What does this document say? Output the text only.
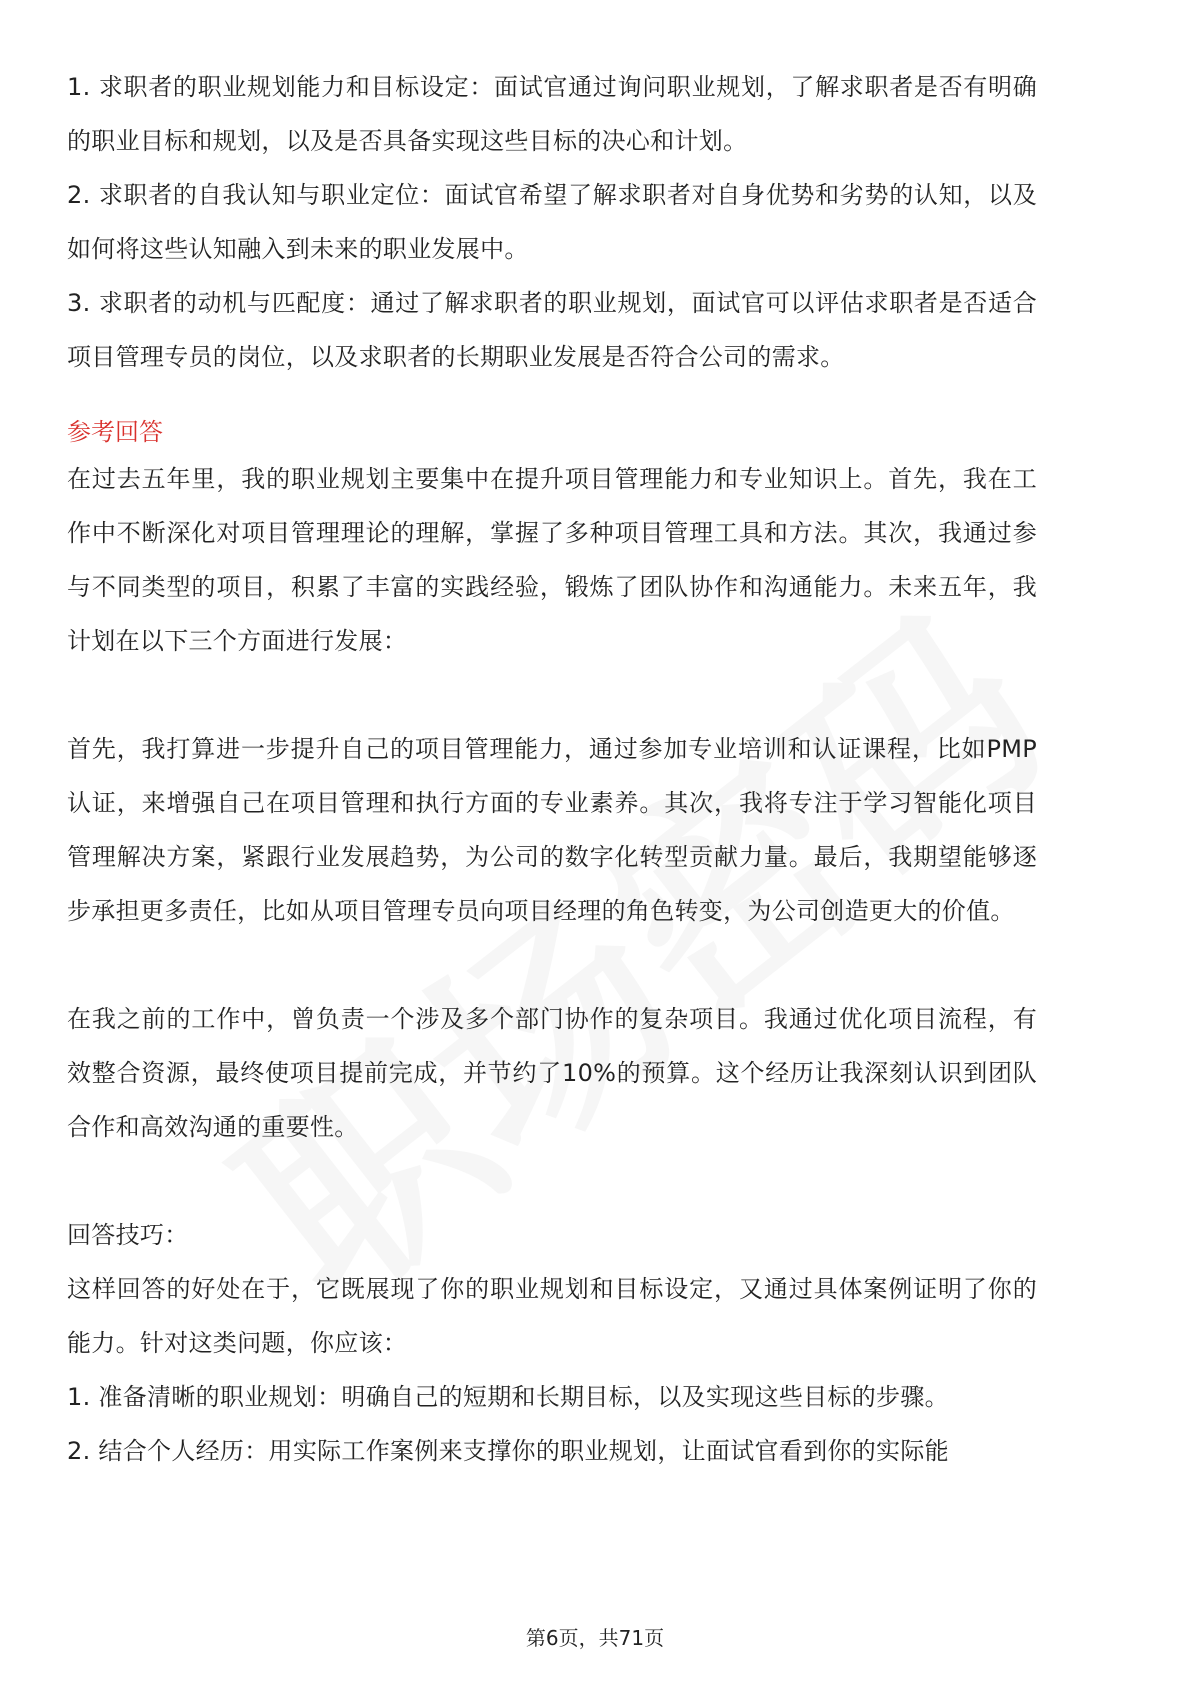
1. 求职者的职业规划能力和目标设定：面试官通过询问职业规划，了解求职者是否有明确的职业目标和规划，以及是否具备实现这些目标的决心和计划。
2. 求职者的自我认知与职业定位：面试官希望了解求职者对自身优势和劣势的认知，以及如何将这些认知融入到未来的职业发展中。
3. 求职者的动机与匹配度：通过了解求职者的职业规划，面试官可以评估求职者是否适合项目管理专员的岗位，以及求职者的长期职业发展是否符合公司的需求。
参考回答
在过去五年里，我的职业规划主要集中在提升项目管理能力和专业知识上。首先，我在工作中不断深化对项目管理理论的理解，掌握了多种项目管理工具和方法。其次，我通过参与不同类型的项目，积累了丰富的实践经验，锻炼了团队协作和沟通能力。未来五年，我计划在以下三个方面进行发展：
首先，我打算进一步提升自己的项目管理能力，通过参加专业培训和认证课程，比如PMP认证，来增强自己在项目管理和执行方面的专业素养。其次，我将专注于学习智能化项目管理解决方案，紧跟行业发展趋势，为公司的数字化转型贡献力量。最后，我期望能够逐步承担更多责任，比如从项目管理专员向项目经理的角色转变，为公司创造更大的价值。
在我之前的工作中，曾负责一个涉及多个部门协作的复杂项目。我通过优化项目流程，有效整合资源，最终使项目提前完成，并节约了10%的预算。这个经历让我深刻认识到团队合作和高效沟通的重要性。
回答技巧：
这样回答的好处在于，它既展现了你的职业规划和目标设定，又通过具体案例证明了你的能力。针对这类问题，你应该：
1. 准备清晰的职业规划：明确自己的短期和长期目标，以及实现这些目标的步骤。
2. 结合个人经历：用实际工作案例来支撑你的职业规划，让面试官看到你的实际能
第6页，共71页
